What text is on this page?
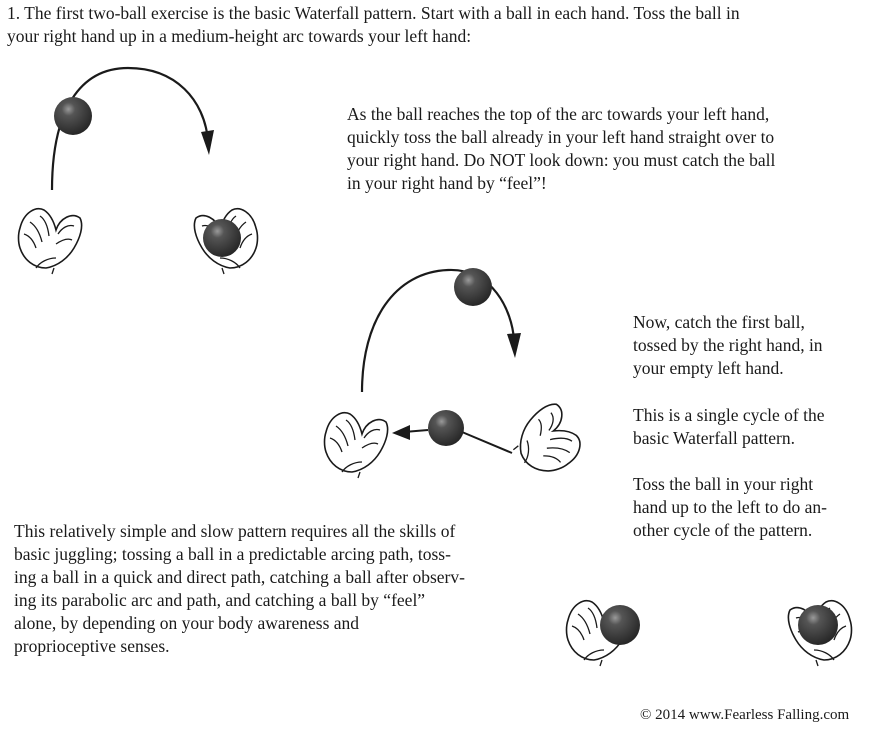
1. The first two-ball exercise is the basic Waterfall pattern. Start with a ball in each hand. Toss the ball in
your right hand up in a medium-height arc towards your left hand:

As the ball reaches the top of the arc towards your left hand,
quickly toss the ball already in your left hand straight over to
your right hand. Do NOT look down: you must catch the ball
in your right hand by “feel”!

Now, catch the first ball,
tossed by the right hand, in
your empty left hand.

This is a single cycle of the
basic Waterfall pattern.

Toss the ball in your right
hand up to the left to do an-
other cycle of the pattern.

This relatively simple and slow pattern requires all the skills of
basic juggling; tossing a ball in a predictable arcing path, toss-
ing a ball in a quick and direct path, catching a ball after observ-
ing its parabolic arc and path, and catching a ball by “feel”
alone, by depending on your body awareness and
proprioceptive senses.

© 2014 www.Fearless Falling.com
